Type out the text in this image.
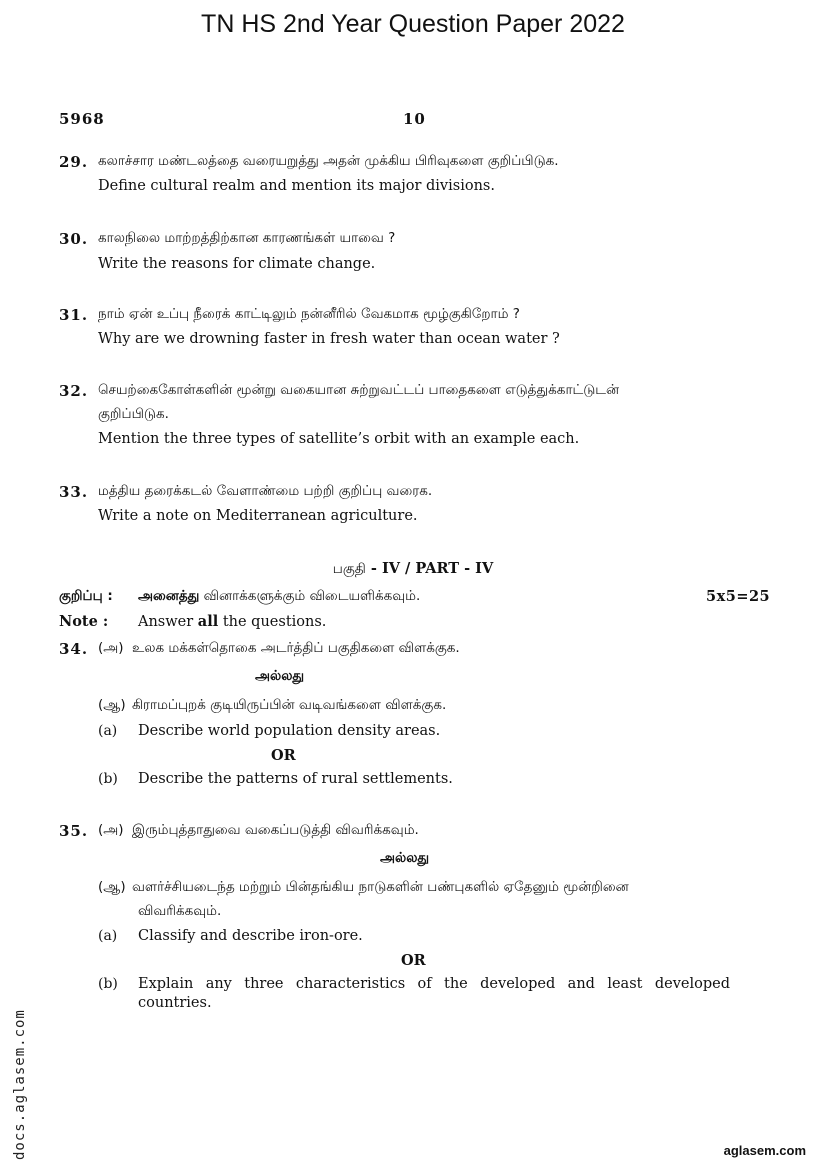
TN HS 2nd Year Question Paper 2022
5968	10
29. கலாச்சார மண்டலத்தை வரையறுத்து அதன் முக்கிய பிரிவுகளை குறிப்பிடுக.
Define cultural realm and mention its major divisions.
30. காலநிலை மாற்றத்திற்கான காரணங்கள் யாவை ?
Write the reasons for climate change.
31. நாம் ஏன் உப்பு நீரைக் காட்டிலும் நன்னீரில் வேகமாக மூழ்குகிறோம் ?
Why are we drowning faster in fresh water than ocean water ?
32. செயற்கைகோள்களின் மூன்று வகையான சுற்றுவட்டப் பாதைகளை எடுத்துக்காட்டுடன்
குறிப்பிடுக.
Mention the three types of satellite’s orbit with an example each.
33. மத்திய தரைக்கடல் வேளாண்மை பற்றி குறிப்பு வரைக.
Write a note on Mediterranean agriculture.
பகுதி - IV / PART - IV
குறிப்பு : அனைத்து வினாக்களுக்கும் விடையளிக்கவும்.	5x5=25
Note : Answer all the questions.
34. (அ) உலக மக்கள்தொகை அடர்த்திப் பகுதிகளை விளக்குக.
அல்லது
(ஆ) கிராமப்புறக் குடியிருப்பின் வடிவங்களை விளக்குக.
(a) Describe world population density areas.
OR
(b) Describe the patterns of rural settlements.
35. (அ) இரும்புத்தாதுவை வகைப்படுத்தி விவரிக்கவும்.
அல்லது
(ஆ) வளர்ச்சியடைந்த மற்றும் பின்தங்கிய நாடுகளின் பண்புகளில் ஏதேனும் மூன்றினை
விவரிக்கவும்.
(a) Classify and describe iron-ore.
OR
(b) Explain any three characteristics of the developed and least developed
countries.
docs.aglasem.com	aglasem.com
